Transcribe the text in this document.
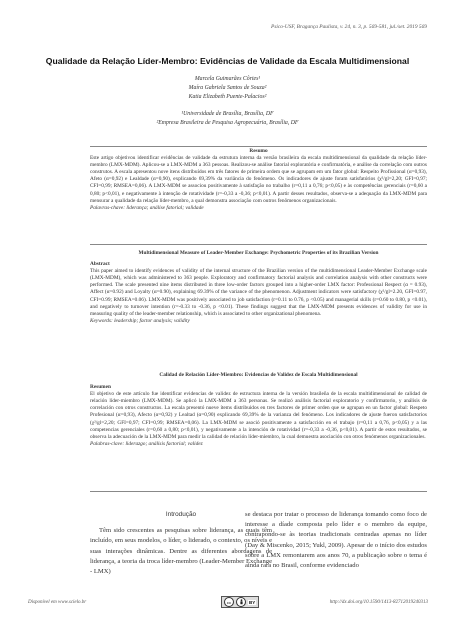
Psico-USF, Bragança Paulista, v. 24, n. 3, p. 569-581, jul./set. 2019 569
Qualidade da Relação Líder-Membro: Evidências de Validade da Escala Multidimensional
Marcela Guimarães Côrtes¹
Maíra Gabriela Santos de Souza²
Katia Elizabeth Puente-Palacios²
¹Universidade de Brasília, Brasília, DF
²Empresa Brasileira de Pesquisa Agropecuária, Brasília, DF
Resumo
Este artigo objetivou identificar evidências de validade da estrutura interna da versão brasileira da escala multidimensional da qualidade da relação líder-membro (LMX-MDM). Aplicou-se a LMX-MDM a 363 pessoas. Realizou-se análise fatorial exploratória e confirmatória, e análise da correlação com outros construtos. A escala apresentou nove itens distribuídos em três fatores de primeira ordem que se agrupam em um fator global: Respeito Profissional (α=0,93), Afeto (α=0,92) e Lealdade (α=0,90), explicando 69,39% da variância do fenômeno. Os indicadores de ajuste foram satisfatórios (χ²/gl=2,20; GFI=0,97; CFI=0,99; RMSEA=0,06). A LMX-MDM se associou positivamente à satisfação no trabalho (r=0,11 a 0,76; p<0,05) e às competências gerenciais (r=0,60 a 0,80; p<0,01), e negativamente à intenção de rotatividade (r=-0,33 a -0,36; p<0,01). A partir desses resultados, observa-se a adequação da LMX-MDM para mensurar a qualidade da relação líder-membro, a qual demonstra associação com outros fenômenos organizacionais.
Palavras-chave: liderança; análise fatorial; validade
Multidimensional Measure of Leader-Member Exchange: Psychometric Properties of its Brazilian Version
Abstract
This paper aimed to identify evidences of validity of the internal structure of the Brazilian version of the multidimensional Leader-Member Exchange scale (LMX-MDM), which was administered to 363 people. Exploratory and confirmatory factorial analysis and correlation analysis with other constructs were performed. The scale presented nine items distributed in three low-order factors grouped into a higher-order LMX factor: Professional Respect (α = 0.93), Affect (α=0.92) and Loyalty (α=0.90), explaining 69.39% of the variance of the phenomenon. Adjustment indicators were satisfactory (χ²/gl=2.20, GFI=0.97, CFI=0.99; RMSEA=0.06). LMX-MDM was positively associated to job satisfaction (r=0.11 to 0.76, p <0.05) and managerial skills (r=0.60 to 0.80, p <0.01), and negatively to turnover intention (r=-0.33 to -0.36, p <0.01). These findings suggest that the LMX-MDM presents evidences of validity for use in measuring quality of the leader-member relationship, which is associated to other organizational phenomena.
Keywords: leadership; factor analysis; validity
Calidad de Relación Líder-Miembro: Evidencias de Validez de Escala Multidimensional
Resumen
El objetivo de este artículo fue identificar evidencias de validez de estructura interna de la versión brasileña de la escala multidimensional de calidad de relación líder-miembro (LMX-MDM). Se aplicó la LMX-MDM a 363 personas. Se realizó análisis factorial exploratorio y confirmatorio, y análisis de correlación con otros constructos. La escala presentó nueve ítems distribuidos en tres factores de primer orden que se agrupan en un factor global: Respeto Profesional (α=0,93), Afecto (α=0,92) y Lealtad (α=0,90) explicando 69,39% de la varianza del fenómeno. Los indicadores de ajuste fueron satisfactorios (χ²/gl=2,20; GFI=0,97; CFI=0,99; RMSEA=0,06). La LMX-MDM se asoció positivamente a satisfacción en el trabajo (r=0,11 a 0,76, p<0,05) y a las competencias gerenciales (r=0,60 a 0,80; p<0,01), y negativamente a la intención de rotatividad (r=-0,33 a -0,36, p<0,01). A partir de estos resultados, se observa la adecuación de la LMX-MDM para medir la calidad de relación líder-miembro, la cual demuestra asociación con otros fenómenos organizacionales.
Palabras-clave: liderazgo; análisis factorial; validez
Introdução
Têm sido crescentes as pesquisas sobre liderança, as quais têm incluído, em seus modelos, o líder, o liderado, o contexto, os níveis e suas interações dinâmicas. Dentre as diferentes abordagens de liderança, a teoria da troca líder-membro (Leader-Member Exchange - LMX)
se destaca por tratar o processo de liderança tomando como foco de interesse a díade composta pelo líder e o membro da equipe, contrapondo-se às teorias tradicionais centradas apenas no líder (Day & Miscenko, 2015; Yukl, 2009). Apesar de o início dos estudos sobre a LMX remontarem aos anos 70, a publicação sobre o tema é ainda rara no Brasil, conforme evidenciado
Disponível em www.scielo.br	cc	BY	http://dx.doi.org/10.1590/1413-82712019240313
